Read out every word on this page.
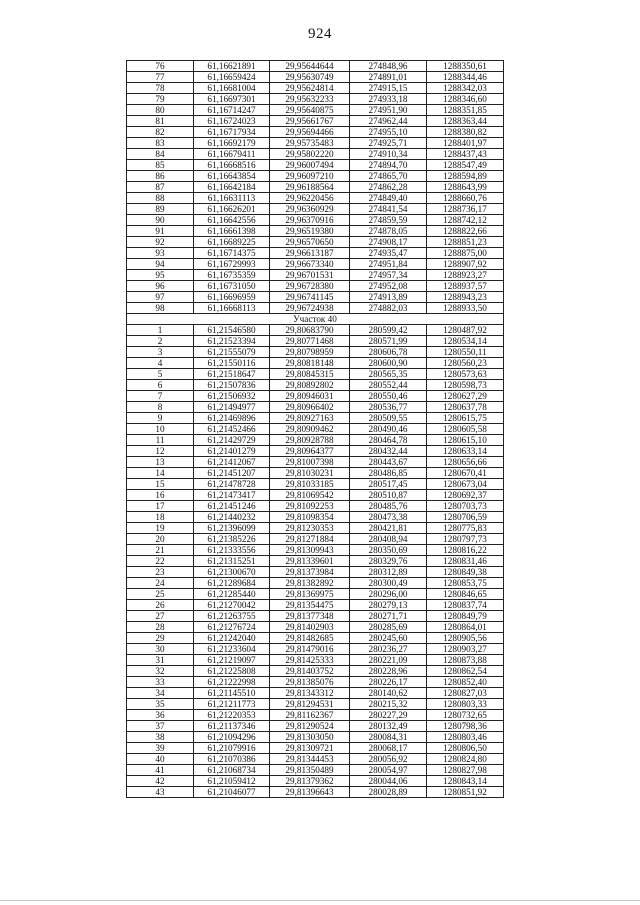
924
76	61,16621891	29,95644644	274848,96	1288350,61
77	61,16659424	29,95630749	274891,01	1288344,46
78	61,16681004	29,95624814	274915,15	1288342,03
79	61,16697301	29,95632233	274933,18	1288346,60
80	61,16714247	29,95640875	274951,90	1288351,85
81	61,16724023	29,95661767	274962,44	1288363,44
82	61,16717934	29,95694466	274955,10	1288380,82
83	61,16692179	29,95735483	274925,71	1288401,97
84	61,16679411	29,95802220	274910,34	1288437,43
85	61,16668516	29,96007494	274894,70	1288547,49
86	61,16643854	29,96097210	274865,70	1288594,89
87	61,16642184	29,96188564	274862,28	1288643,99
88	61,16631113	29,96220456	274849,40	1288660,76
89	61,16626201	29,96360929	274841,54	1288736,17
90	61,16642556	29,96370916	274859,59	1288742,12
91	61,16661398	29,96519380	274878,05	1288822,66
92	61,16689225	29,96570650	274908,17	1288851,23
93	61,16714375	29,96613187	274935,47	1288875,00
94	61,16729993	29,96673340	274951,84	1288907,92
95	61,16735359	29,96701531	274957,34	1288923,27
96	61,16731050	29,96728380	274952,08	1288937,57
97	61,16696959	29,96741145	274913,89	1288943,23
98	61,16668113	29,96724938	274882,03	1288933,50
Участок 40				
1	61,21546580	29,80683790	280599,42	1280487,92
2	61,21523394	29,80771468	280571,99	1280534,14
3	61,21555079	29,80798959	280606,78	1280550,11
4	61,21550116	29,80818148	280600,90	1280560,23
5	61,21518647	29,80845315	280565,35	1280573,63
6	61,21507836	29,80892802	280552,44	1280598,73
7	61,21506932	29,80946031	280550,46	1280627,29
8	61,21494977	29,80966402	280536,77	1280637,78
9	61,21469896	29,80927163	280509,55	1280615,75
10	61,21452466	29,80909462	280490,46	1280605,58
11	61,21429729	29,80928788	280464,78	1280615,10
12	61,21401279	29,80964377	280432,44	1280633,14
13	61,21412067	29,81007398	280443,67	1280656,66
14	61,21451207	29,81030231	280486,85	1280670,41
15	61,21478728	29,81033185	280517,45	1280673,04
16	61,21473417	29,81069542	280510,87	1280692,37
17	61,21451246	29,81092253	280485,76	1280703,73
18	61,21440232	29,81098354	280473,38	1280706,59
19	61,21396099	29,81230353	280421,81	1280775,83
20	61,21385226	29,81271884	280408,94	1280797,73
21	61,21333556	29,81309943	280350,69	1280816,22
22	61,21315251	29,81339601	280329,76	1280831,46
23	61,21300670	29,81373984	280312,89	1280849,38
24	61,21289684	29,81382892	280300,49	1280853,75
25	61,21285440	29,81369975	280296,00	1280846,65
26	61,21270042	29,81354475	280279,13	1280837,74
27	61,21263755	29,81377348	280271,71	1280849,79
28	61,21276724	29,81402903	280285,69	1280864,01
29	61,21242040	29,81482685	280245,60	1280905,56
30	61,21233604	29,81479016	280236,27	1280903,27
31	61,21219097	29,81425333	280221,09	1280873,88
32	61,21225808	29,81403752	280228,96	1280862,54
33	61,21222998	29,81385076	280226,17	1280852,40
34	61,21145510	29,81343312	280140,62	1280827,03
35	61,21211773	29,81294531	280215,32	1280803,33
36	61,21220353	29,81162367	280227,29	1280732,65
37	61,21137346	29,81290524	280132,49	1280798,36
38	61,21094296	29,81303050	280084,31	1280803,46
39	61,21079916	29,81309721	280068,17	1280806,50
40	61,21070386	29,81344453	280056,92	1280824,80
41	61,21068734	29,81350489	280054,97	1280827,98
42	61,21059412	29,81379362	280044,06	1280843,14
43	61,21046077	29,81396643	280028,89	1280851,92
